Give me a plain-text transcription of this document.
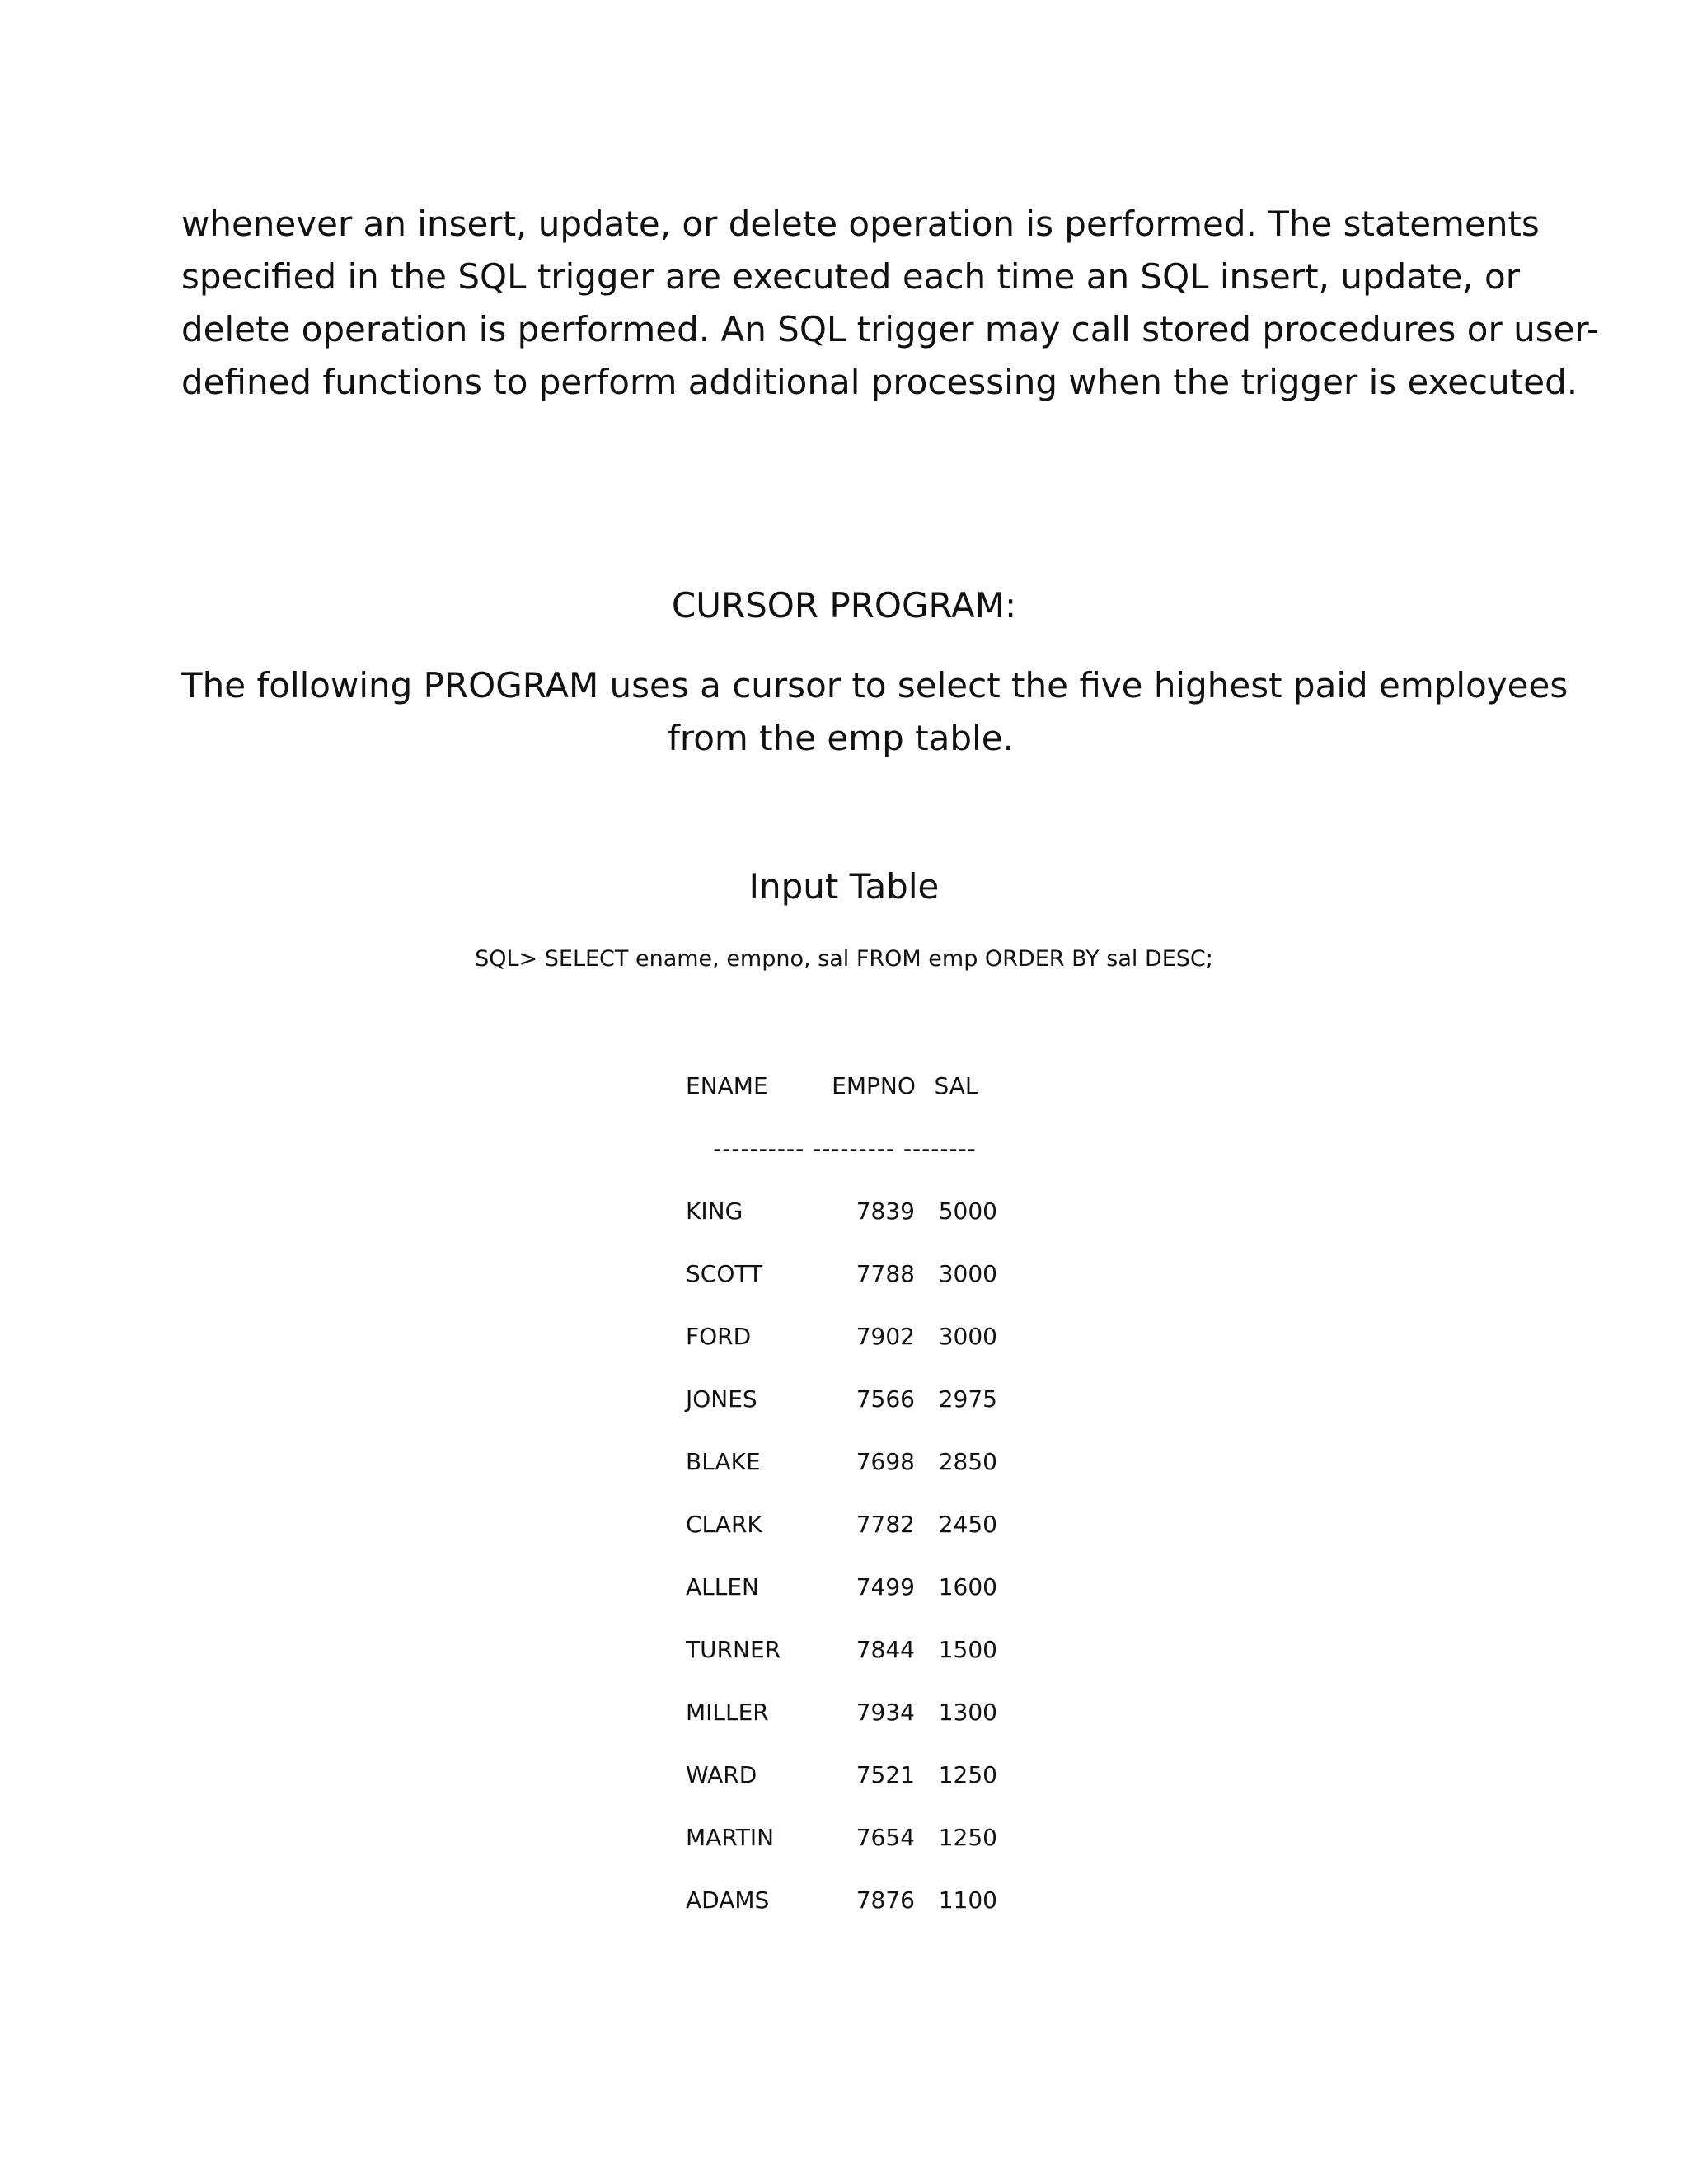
whenever an insert, update, or delete operation is performed. The statements
specified in the SQL trigger are executed each time an SQL insert, update, or
delete operation is performed. An SQL trigger may call stored procedures or user-
defined functions to perform additional processing when the trigger is executed.
CURSOR PROGRAM:
The following PROGRAM uses a cursor to select the five highest paid employees
from the emp table.
Input Table
SQL> SELECT ename, empno, sal FROM emp ORDER BY sal DESC;
ENAME	EMPNO SAL
---------- --------- --------
KING	7839	5000
SCOTT	7788	3000
FORD	7902	3000
JONES	7566	2975
BLAKE	7698	2850
CLARK	7782	2450
ALLEN	7499	1600
TURNER	7844	1500
MILLER	7934	1300
WARD	7521	1250
MARTIN	7654	1250
ADAMS	7876	1100
